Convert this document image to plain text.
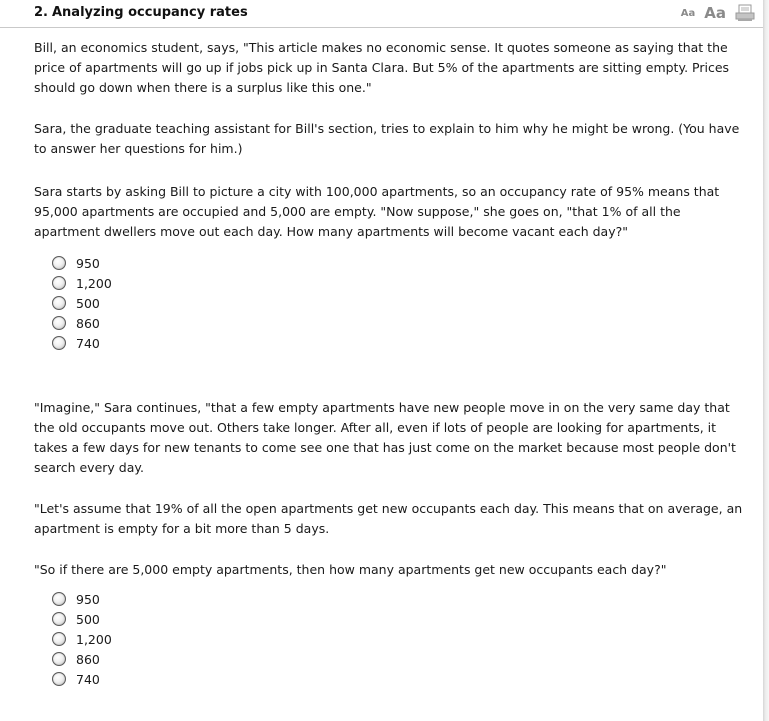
2. Analyzing occupancy rates	Aa Aa

Bill, an economics student, says, "This article makes no economic sense. It quotes someone as saying that the price of apartments will go up if jobs pick up in Santa Clara. But 5% of the apartments are sitting empty. Prices should go down when there is a surplus like this one."

Sara, the graduate teaching assistant for Bill's section, tries to explain to him why he might be wrong. (You have to answer her questions for him.)

Sara starts by asking Bill to picture a city with 100,000 apartments, so an occupancy rate of 95% means that 95,000 apartments are occupied and 5,000 are empty. "Now suppose," she goes on, "that 1% of all the apartment dwellers move out each day. How many apartments will become vacant each day?"

950
1,200
500
860
740

"Imagine," Sara continues, "that a few empty apartments have new people move in on the very same day that the old occupants move out. Others take longer. After all, even if lots of people are looking for apartments, it takes a few days for new tenants to come see one that has just come on the market because most people don't search every day.

"Let's assume that 19% of all the open apartments get new occupants each day. This means that on average, an apartment is empty for a bit more than 5 days.

"So if there are 5,000 empty apartments, then how many apartments get new occupants each day?"

950
500
1,200
860
740
